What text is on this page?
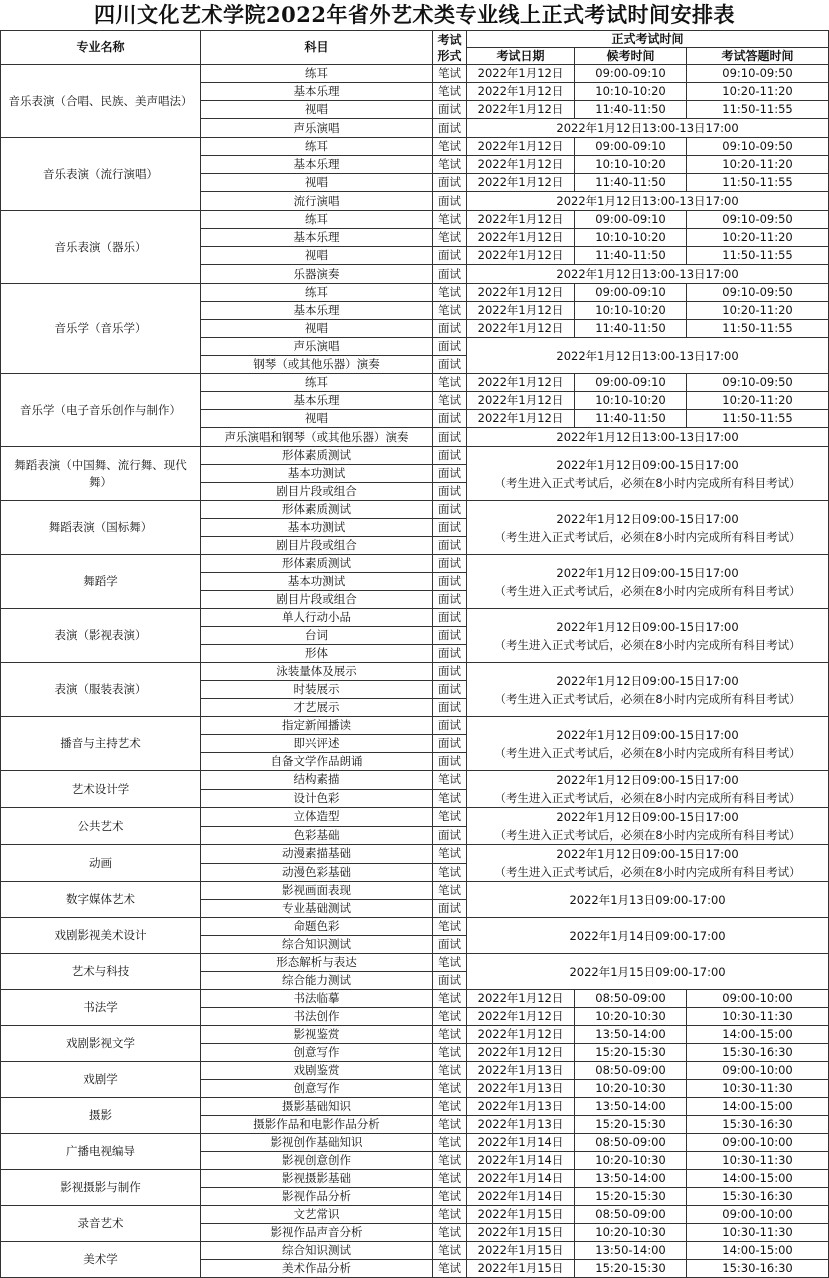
四川文化艺术学院2022年省外艺术类专业线上正式考试时间安排表
专业名称	科目	考试形式	正式考试时间		
			考试日期	候考时间	考试答题时间
音乐表演（合唱、民族、美声唱法）	练耳	笔试	2022年1月12日	09:00-09:10	09:10-09:50
	基本乐理	笔试	2022年1月12日	10:10-10:20	10:20-11:20
	视唱	面试	2022年1月12日	11:40-11:50	11:50-11:55
	声乐演唱	面试	2022年1月12日13:00-13日17:00		

音乐表演（流行演唱）	练耳	笔试	2022年1月12日	09:00-09:10	09:10-09:50
	基本乐理	笔试	2022年1月12日	10:10-10:20	10:20-11:20
	视唱	面试	2022年1月12日	11:40-11:50	11:50-11:55
	流行演唱	面试	2022年1月12日13:00-13日17:00		

音乐表演（器乐）	练耳	笔试	2022年1月12日	09:00-09:10	09:10-09:50
	基本乐理	笔试	2022年1月12日	10:10-10:20	10:20-11:20
	视唱	面试	2022年1月12日	11:40-11:50	11:50-11:55
	乐器演奏	面试	2022年1月12日13:00-13日17:00		

音乐学（音乐学）	练耳	笔试	2022年1月12日	09:00-09:10	09:10-09:50
	基本乐理	笔试	2022年1月12日	10:10-10:20	10:20-11:20
	视唱	面试	2022年1月12日	11:40-11:50	11:50-11:55
	声乐演唱	面试	2022年1月12日13:00-13日17:00		

	钢琴（或其他乐器）演奏	面试			
音乐学（电子音乐创作与制作）	练耳	笔试	2022年1月12日	09:00-09:10	09:10-09:50
	基本乐理	笔试	2022年1月12日	10:10-10:20	10:20-11:20
	视唱	面试	2022年1月12日	11:40-11:50	11:50-11:55
	声乐演唱和钢琴（或其他乐器）演奏	面试	2022年1月12日13:00-13日17:00		

舞蹈表演（中国舞、流行舞、现代舞）	形体素质测试	面试	2022年1月12日09:00-15日17:00
（考生进入正式考试后，必须在8小时内完成所有科目考试）		

	基本功测试	面试			
	剧目片段或组合	面试			
舞蹈表演（国标舞）	形体素质测试	面试	2022年1月12日09:00-15日17:00
（考生进入正式考试后，必须在8小时内完成所有科目考试）		

	基本功测试	面试			
	剧目片段或组合	面试			
舞蹈学	形体素质测试	面试	2022年1月12日09:00-15日17:00
（考生进入正式考试后，必须在8小时内完成所有科目考试）		

	基本功测试	面试			
	剧目片段或组合	面试			
表演（影视表演）	单人行动小品	面试	2022年1月12日09:00-15日17:00
（考生进入正式考试后，必须在8小时内完成所有科目考试）		

	台词	面试			
	形体	面试			
表演（服装表演）	泳装量体及展示	面试	2022年1月12日09:00-15日17:00
（考生进入正式考试后，必须在8小时内完成所有科目考试）		

	时装展示	面试			
	才艺展示	面试			
播音与主持艺术	指定新闻播读	面试	2022年1月12日09:00-15日17:00
（考生进入正式考试后，必须在8小时内完成所有科目考试）		

	即兴评述	面试			
	自备文学作品朗诵	面试			
艺术设计学	结构素描	笔试	2022年1月12日09:00-15日17:00
（考生进入正式考试后，必须在8小时内完成所有科目考试）		

	设计色彩	笔试			
公共艺术	立体造型	笔试	2022年1月12日09:00-15日17:00
（考生进入正式考试后，必须在8小时内完成所有科目考试）		

	色彩基础	面试			
动画	动漫素描基础	笔试	2022年1月12日09:00-15日17:00
（考生进入正式考试后，必须在8小时内完成所有科目考试）		

	动漫色彩基础	笔试			
数字媒体艺术	影视画面表现	笔试	2022年1月13日09:00-17:00		

	专业基础测试	面试			
戏剧影视美术设计	命题色彩	笔试	2022年1月14日09:00-17:00		

	综合知识测试	面试			
艺术与科技	形态解析与表达	笔试	2022年1月15日09:00-17:00		

	综合能力测试	面试			
书法学	书法临摹	笔试	2022年1月12日	08:50-09:00	09:00-10:00
	书法创作	笔试	2022年1月12日	10:20-10:30	10:30-11:30
戏剧影视文学	影视鉴赏	笔试	2022年1月12日	13:50-14:00	14:00-15:00
	创意写作	笔试	2022年1月12日	15:20-15:30	15:30-16:30
戏剧学	戏剧鉴赏	笔试	2022年1月13日	08:50-09:00	09:00-10:00
	创意写作	笔试	2022年1月13日	10:20-10:30	10:30-11:30
摄影	摄影基础知识	笔试	2022年1月13日	13:50-14:00	14:00-15:00
	摄影作品和电影作品分析	笔试	2022年1月13日	15:20-15:30	15:30-16:30
广播电视编导	影视创作基础知识	笔试	2022年1月14日	08:50-09:00	09:00-10:00
	影视创意创作	笔试	2022年1月14日	10:20-10:30	10:30-11:30
影视摄影与制作	影视摄影基础	笔试	2022年1月14日	13:50-14:00	14:00-15:00
	影视作品分析	笔试	2022年1月14日	15:20-15:30	15:30-16:30
录音艺术	文艺常识	笔试	2022年1月15日	08:50-09:00	09:00-10:00
	影视作品声音分析	笔试	2022年1月15日	10:20-10:30	10:30-11:30
美术学	综合知识测试	笔试	2022年1月15日	13:50-14:00	14:00-15:00
	美术作品分析	笔试	2022年1月15日	15:20-15:30	15:30-16:30
